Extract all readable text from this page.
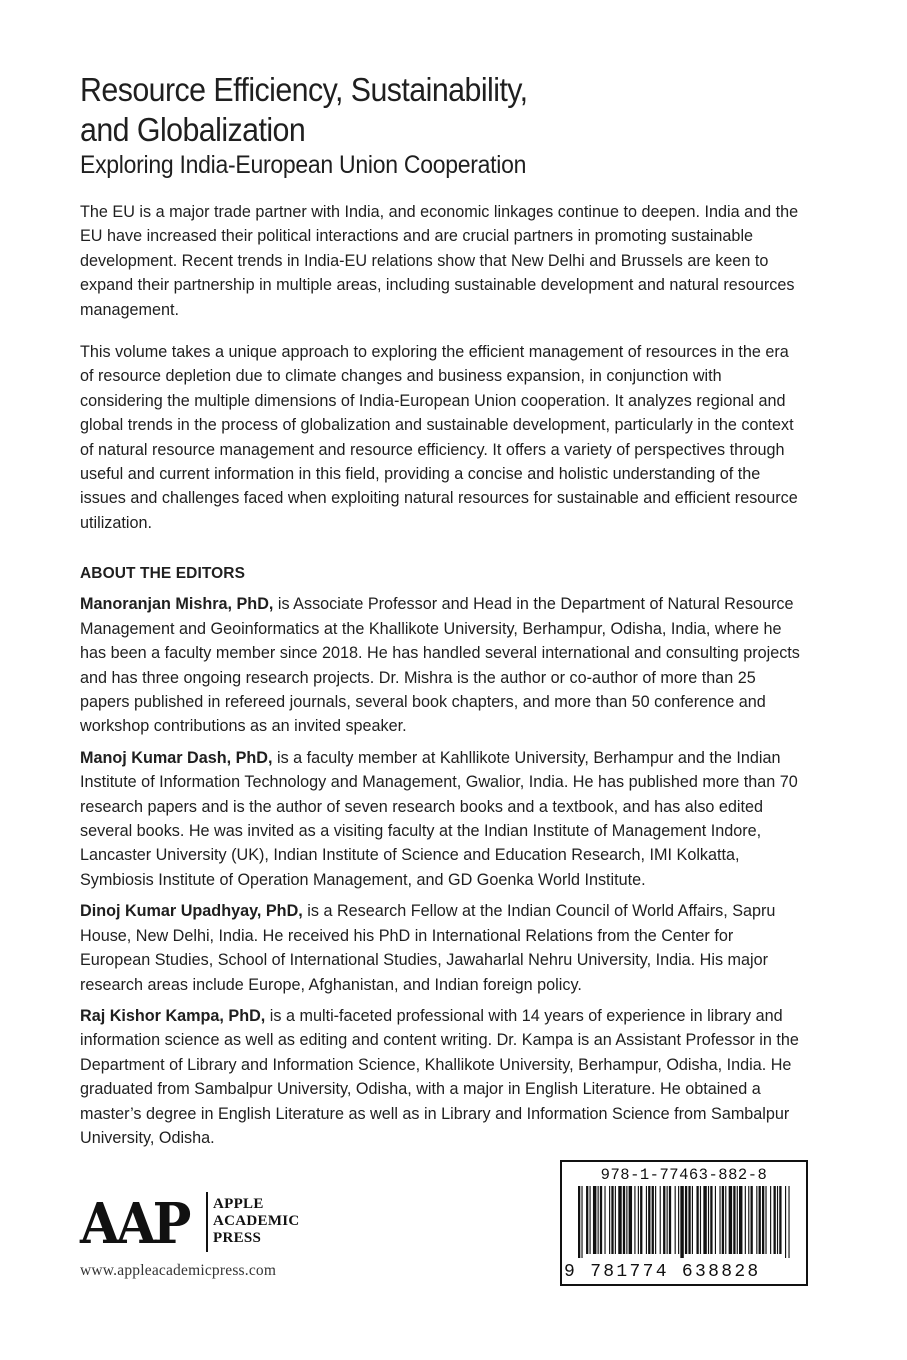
Resource Efficiency, Sustainability,
and Globalization
Exploring India-European Union Cooperation

The EU is a major trade partner with India, and economic linkages continue to deepen. India and the EU have increased their political interactions and are crucial partners in promoting sustainable development. Recent trends in India-EU relations show that New Delhi and Brussels are keen to expand their partnership in multiple areas, including sustainable development and natural resources management.

This volume takes a unique approach to exploring the efficient management of resources in the era of resource depletion due to climate changes and business expansion, in conjunction with considering the multiple dimensions of India-European Union cooperation. It analyzes regional and global trends in the process of globalization and sustainable development, particularly in the context of natural resource management and resource efficiency. It offers a variety of perspectives through useful and current information in this field, providing a concise and holistic understanding of the issues and challenges faced when exploiting natural resources for sustainable and efficient resource utilization.

ABOUT THE EDITORS

Manoranjan Mishra, PhD, is Associate Professor and Head in the Department of Natural Resource Management and Geoinformatics at the Khallikote University, Berhampur, Odisha, India, where he has been a faculty member since 2018. He has handled several international and consulting projects and has three ongoing research projects. Dr. Mishra is the author or co-author of more than 25 papers published in refereed journals, several book chapters, and more than 50 conference and workshop contributions as an invited speaker.

Manoj Kumar Dash, PhD, is a faculty member at Kahllikote University, Berhampur and the Indian Institute of Information Technology and Management, Gwalior, India. He has published more than 70 research papers and is the author of seven research books and a textbook, and has also edited several books. He was invited as a visiting faculty at the Indian Institute of Management Indore, Lancaster University (UK), Indian Institute of Science and Education Research, IMI Kolkatta, Symbiosis Institute of Operation Management, and GD Goenka World Institute.

Dinoj Kumar Upadhyay, PhD, is a Research Fellow at the Indian Council of World Affairs, Sapru House, New Delhi, India. He received his PhD in International Relations from the Center for European Studies, School of International Studies, Jawaharlal Nehru University, India. His major research areas include Europe, Afghanistan, and Indian foreign policy.

Raj Kishor Kampa, PhD, is a multi-faceted professional with 14 years of experience in library and information science as well as editing and content writing. Dr. Kampa is an Assistant Professor in the Department of Library and Information Science, Khallikote University, Berhampur, Odisha, India. He graduated from Sambalpur University, Odisha, with a major in English Literature. He obtained a master’s degree in English Literature as well as in Library and Information Science from Sambalpur University, Odisha.

AAP APPLE
ACADEMIC
PRESS
www.appleacademicpress.com
978-1-77463-882-8
9 781774 638828
